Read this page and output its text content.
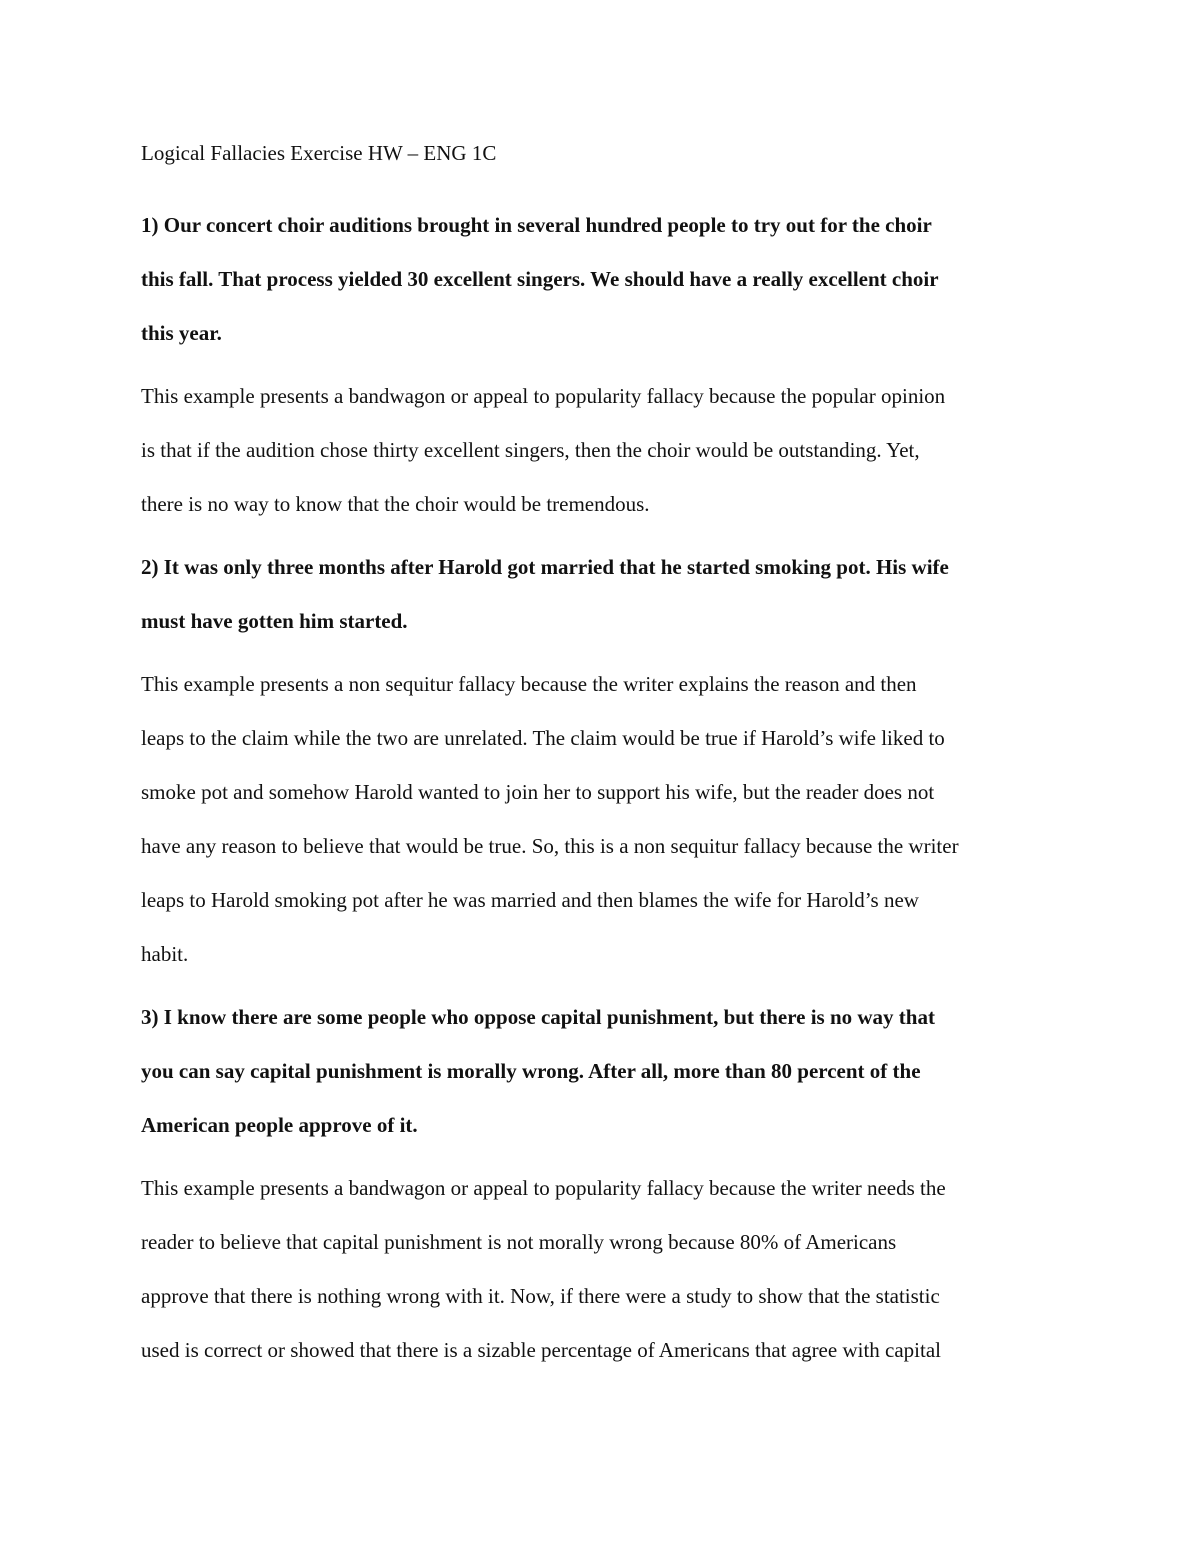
Logical Fallacies Exercise HW – ENG 1C

1) Our concert choir auditions brought in several hundred people to try out for the choir

this fall. That process yielded 30 excellent singers. We should have a really excellent choir

this year.

This example presents a bandwagon or appeal to popularity fallacy because the popular opinion

is that if the audition chose thirty excellent singers, then the choir would be outstanding. Yet,

there is no way to know that the choir would be tremendous.

2) It was only three months after Harold got married that he started smoking pot. His wife

must have gotten him started.

This example presents a non sequitur fallacy because the writer explains the reason and then

leaps to the claim while the two are unrelated. The claim would be true if Harold’s wife liked to

smoke pot and somehow Harold wanted to join her to support his wife, but the reader does not

have any reason to believe that would be true. So, this is a non sequitur fallacy because the writer

leaps to Harold smoking pot after he was married and then blames the wife for Harold’s new

habit.

3) I know there are some people who oppose capital punishment, but there is no way that

you can say capital punishment is morally wrong. After all, more than 80 percent of the

American people approve of it.

This example presents a bandwagon or appeal to popularity fallacy because the writer needs the

reader to believe that capital punishment is not morally wrong because 80% of Americans

approve that there is nothing wrong with it. Now, if there were a study to show that the statistic

used is correct or showed that there is a sizable percentage of Americans that agree with capital
